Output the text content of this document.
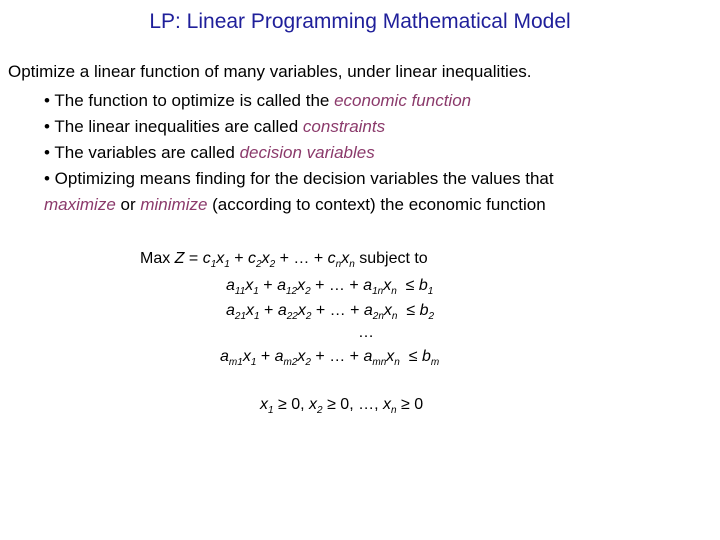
LP: Linear Programming Mathematical Model
Optimize a linear function of many variables, under linear inequalities.
• The function to optimize is called the economic function
• The linear inequalities are called constraints
• The variables are called decision variables
• Optimizing means finding for the decision variables the values that
maximize or minimize (according to context) the economic function
Max $Z = c_1x_1 + c_2x_2$ + … + $c_nx_n$ subject to
$a_{11}x_1 + a_{12}x_2$ + … + $a_{1n}x_n \le b_1$
$a_{21}x_1 + a_{22}x_2$ + … + $a_{2n}x_n \le b_2$
…
$a_{m1}x_1 + a_{m2}x_2$ + … + $a_{mn}x_n \le b_m$
$x_1 \ge 0$, $x_2 \ge 0$, …, $x_n \ge 0$
